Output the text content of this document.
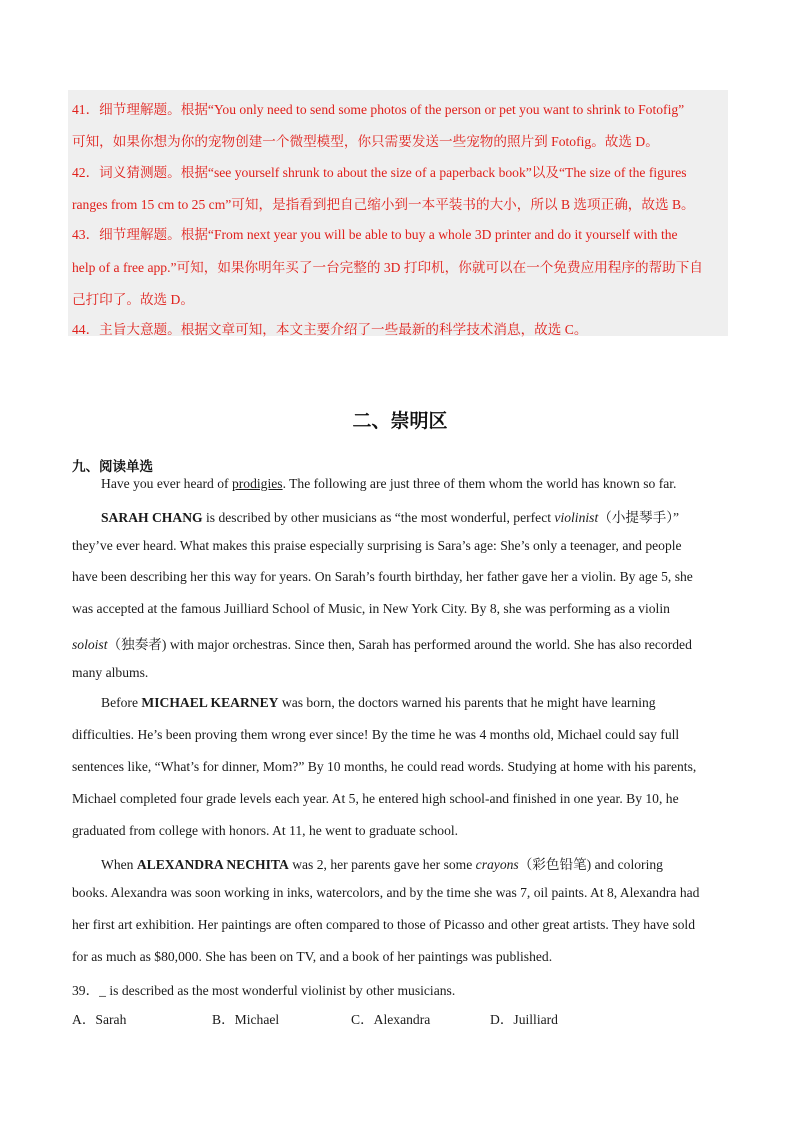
41．细节理解题。根据“You only need to send some photos of the person or pet you want to shrink to Fotofig”
可知，如果你想为你的宠物创建一个微型模型，你只需要发送一些宠物的照片到 Fotofig。故选 D。
42．词义猜测题。根据“see yourself shrunk to about the size of a paperback book”以及“The size of the figures
ranges from 15 cm to 25 cm”可知，是指看到把自己缩小到一本平装书的大小，所以 B 选项正确，故选 B。
43．细节理解题。根据“From next year you will be able to buy a whole 3D printer and do it yourself with the
help of a free app.”可知，如果你明年买了一台完整的 3D 打印机，你就可以在一个免费应用程序的帮助下自
己打印了。故选 D。
44．主旨大意题。根据文章可知，本文主要介绍了一些最新的科学技术消息，故选 C。
二、崇明区
九、阅读单选
Have you ever heard of prodigies. The following are just three of them whom the world has known so far.
SARAH CHANG is described by other musicians as “the most wonderful, perfect violinist（小提琴手）”
they’ve ever heard. What makes this praise especially surprising is Sara’s age: She’s only a teenager, and people
have been describing her this way for years. On Sarah’s fourth birthday, her father gave her a violin. By age 5, she
was accepted at the famous Juilliard School of Music, in New York City. By 8, she was performing as a violin
soloist（独奏者) with major orchestras. Since then, Sarah has performed around the world. She has also recorded
many albums.
Before MICHAEL KEARNEY was born, the doctors warned his parents that he might have learning
difficulties. He’s been proving them wrong ever since! By the time he was 4 months old, Michael could say full
sentences like, “What’s for dinner, Mom?” By 10 months, he could read words. Studying at home with his parents,
Michael completed four grade levels each year. At 5, he entered high school-and finished in one year. By 10, he
graduated from college with honors. At 11, he went to graduate school.
When ALEXANDRA NECHITA was 2, her parents gave her some crayons（彩色铅笔) and coloring
books. Alexandra was soon working in inks, watercolors, and by the time she was 7, oil paints. At 8, Alexandra had
her first art exhibition. Her paintings are often compared to those of Picasso and other great artists. They have sold
for as much as $80,000. She has been on TV, and a book of her paintings was published.
39．_ is described as the most wonderful violinist by other musicians.
A．Sarah	B．Michael	C．Alexandra	D．Juilliard
